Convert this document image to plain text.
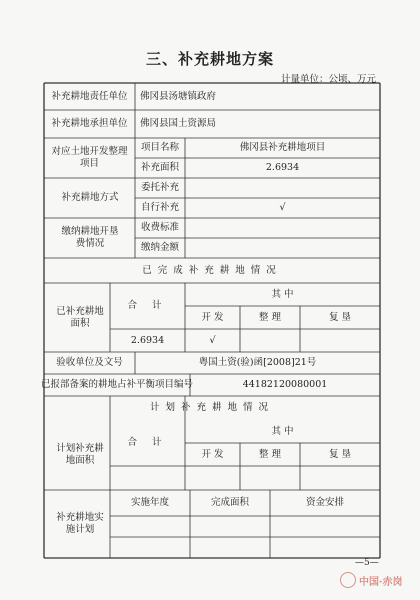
三、补充耕地方案
计量单位：公顷、万元
补充耕地责任单位	佛冈县汤塘镇政府
补充耕地承担单位	佛冈县国土资源局
对应土地开发整理项目
项目名称	佛冈县补充耕地项目
补充面积	2.6934
补充耕地方式
委托补充
自行补充	√
缴纳耕地开垦费情况
收费标准
缴纳金额
已完成补充耕地情况
已补充耕地面积
合 计
其 中
开 发	整 理	复 垦
2.6934	√
验收单位及文号	粤国土资(验)函[2008]21号
已报部备案的耕地占补平衡项目编号	44182120080001
计划补充耕地情况
计划补充耕地面积
合 计
其 中
开 发	整 理	复 垦
补充耕地实施计划
实施年度	完成面积	资金安排
—5—
中国·赤岗
